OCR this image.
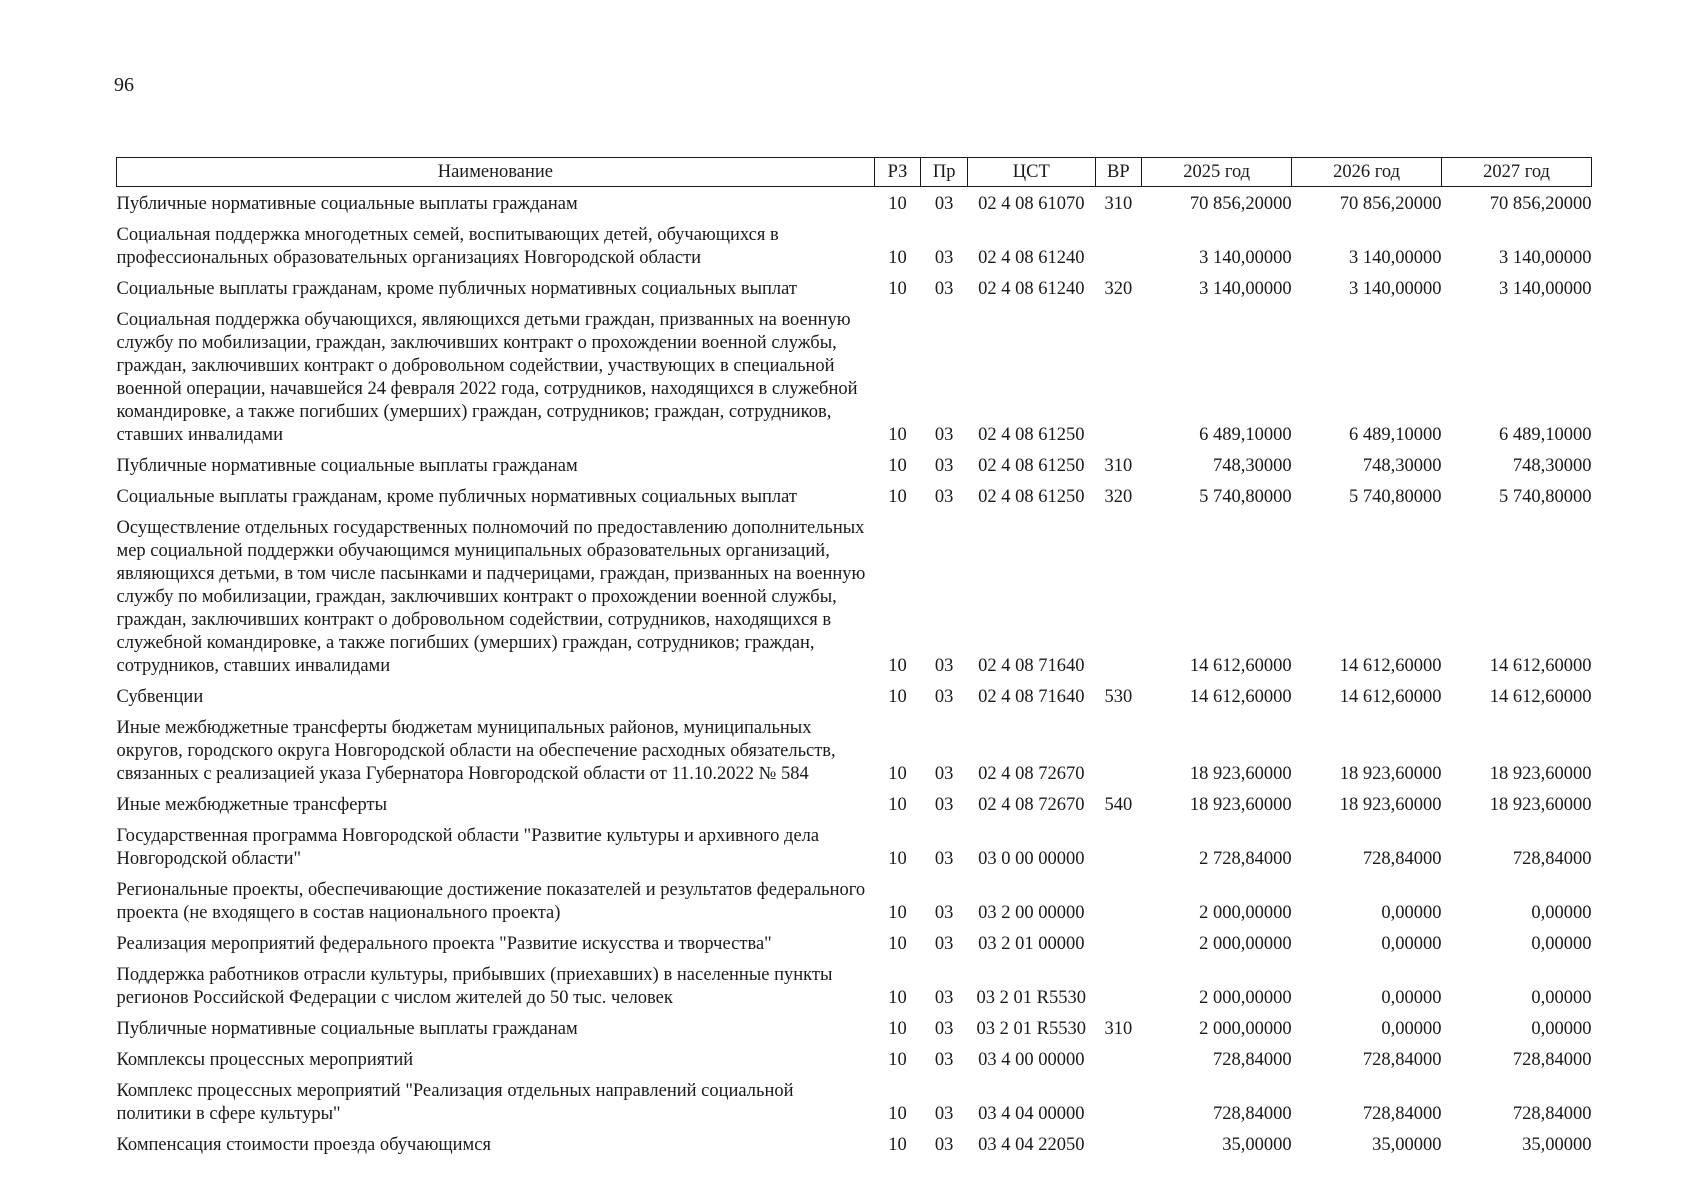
96
Наименование	РЗ	Пр	ЦСТ	ВР	2025 год	2026 год	2027 год
Публичные нормативные социальные выплаты гражданам	10	03	02 4 08 61070	310	70 856,20000	70 856,20000	70 856,20000
Социальная поддержка многодетных семей, воспитывающих детей, обучающихся в профессиональных образовательных организациях Новгородской области	10	03	02 4 08 61240		3 140,00000	3 140,00000	3 140,00000
Социальные выплаты гражданам, кроме публичных нормативных социальных выплат	10	03	02 4 08 61240	320	3 140,00000	3 140,00000	3 140,00000
Социальная поддержка обучающихся, являющихся детьми граждан, призванных на военную службу по мобилизации, граждан, заключивших контракт о прохождении военной службы, граждан, заключивших контракт о добровольном содействии, участвующих в специальной военной операции, начавшейся 24 февраля 2022 года, сотрудников, находящихся в служебной командировке, а также погибших (умерших) граждан, сотрудников; граждан, сотрудников, ставших инвалидами	10	03	02 4 08 61250		6 489,10000	6 489,10000	6 489,10000
Публичные нормативные социальные выплаты гражданам	10	03	02 4 08 61250	310	748,30000	748,30000	748,30000
Социальные выплаты гражданам, кроме публичных нормативных социальных выплат	10	03	02 4 08 61250	320	5 740,80000	5 740,80000	5 740,80000
Осуществление отдельных государственных полномочий по предоставлению дополнительных мер социальной поддержки обучающимся муниципальных образовательных организаций, являющихся детьми, в том числе пасынками и падчерицами, граждан, призванных на военную службу по мобилизации, граждан, заключивших контракт о прохождении военной службы, граждан, заключивших контракт о добровольном содействии, сотрудников, находящихся в служебной командировке, а также погибших (умерших) граждан, сотрудников; граждан, сотрудников, ставших инвалидами	10	03	02 4 08 71640		14 612,60000	14 612,60000	14 612,60000
Субвенции	10	03	02 4 08 71640	530	14 612,60000	14 612,60000	14 612,60000
Иные межбюджетные трансферты бюджетам муниципальных районов, муниципальных округов, городского округа Новгородской области на обеспечение расходных обязательств, связанных с реализацией указа Губернатора Новгородской области от 11.10.2022 № 584	10	03	02 4 08 72670		18 923,60000	18 923,60000	18 923,60000
Иные межбюджетные трансферты	10	03	02 4 08 72670	540	18 923,60000	18 923,60000	18 923,60000
Государственная программа Новгородской области "Развитие культуры и архивного дела Новгородской области"	10	03	03 0 00 00000		2 728,84000	728,84000	728,84000
Региональные проекты, обеспечивающие достижение показателей и результатов федерального проекта (не входящего в состав национального проекта)	10	03	03 2 00 00000		2 000,00000	0,00000	0,00000
Реализация мероприятий федерального проекта "Развитие искусства и творчества"	10	03	03 2 01 00000		2 000,00000	0,00000	0,00000
Поддержка работников отрасли культуры, прибывших (приехавших) в населенные пункты регионов Российской Федерации с числом жителей до 50 тыс. человек	10	03	03 2 01 R5530		2 000,00000	0,00000	0,00000
Публичные нормативные социальные выплаты гражданам	10	03	03 2 01 R5530	310	2 000,00000	0,00000	0,00000
Комплексы процессных мероприятий	10	03	03 4 00 00000		728,84000	728,84000	728,84000
Комплекс процессных мероприятий "Реализация отдельных направлений социальной политики в сфере культуры"	10	03	03 4 04 00000		728,84000	728,84000	728,84000
Компенсация стоимости проезда обучающимся	10	03	03 4 04 22050		35,00000	35,00000	35,00000
